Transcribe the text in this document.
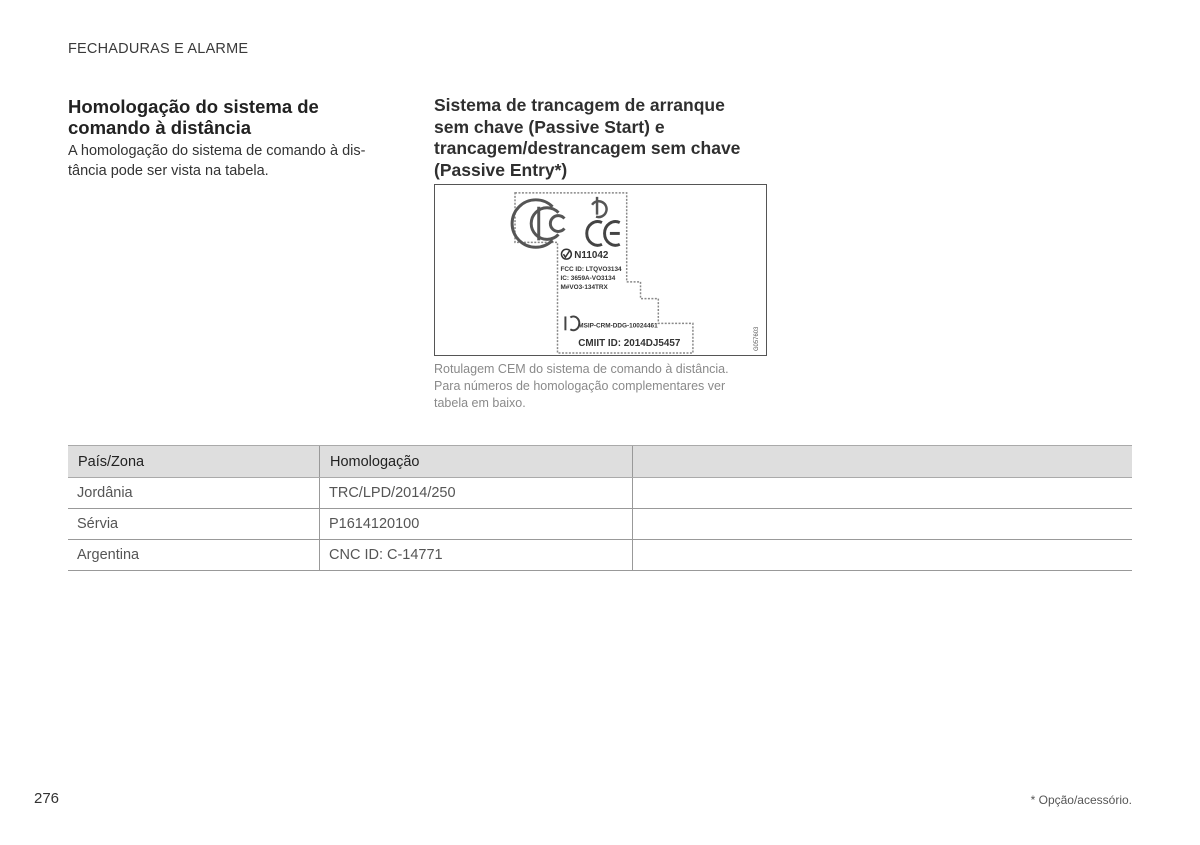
FECHADURAS E ALARME
Homologação do sistema de
comando à distância
A homologação do sistema de comando à dis-
tância pode ser vista na tabela.
Sistema de trancagem de arranque
sem chave (Passive Start) e
trancagem/destrancagem sem chave
(Passive Entry*)
N11042
FCC ID: LTQVO3134
IC: 3659A-VO3134
M#VO3-134TRX
MSIP-CRM-DDG-10024461
CMIIT ID: 2014DJ5457	G057603
Rotulagem CEM do sistema de comando à distância.
Para números de homologação complementares ver
tabela em baixo.
País/Zona	Homologação	
Jordânia	TRC/LPD/2014/250	
Sérvia	P1614120100	
Argentina	CNC ID: C-14771	
276	* Opção/acessório.
